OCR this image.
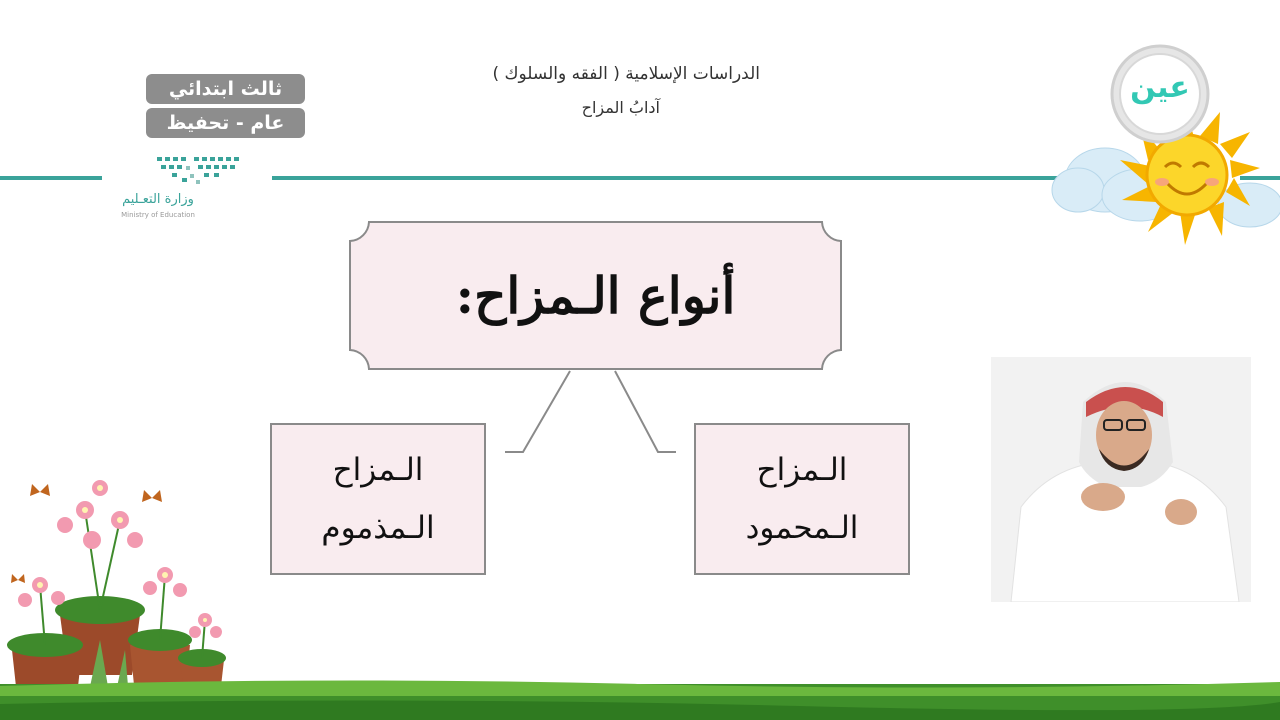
ثالث ابتدائي
عام - تحفيظ
وزارة التعـليم
Ministry of Education
الدراسات الإسلامية ( الفقه والسلوك )
آدابُ المزاح
عين
أنواع الـمزاح:
الـمزاح
الـمحمود
الـمزاح
الـمذموم
